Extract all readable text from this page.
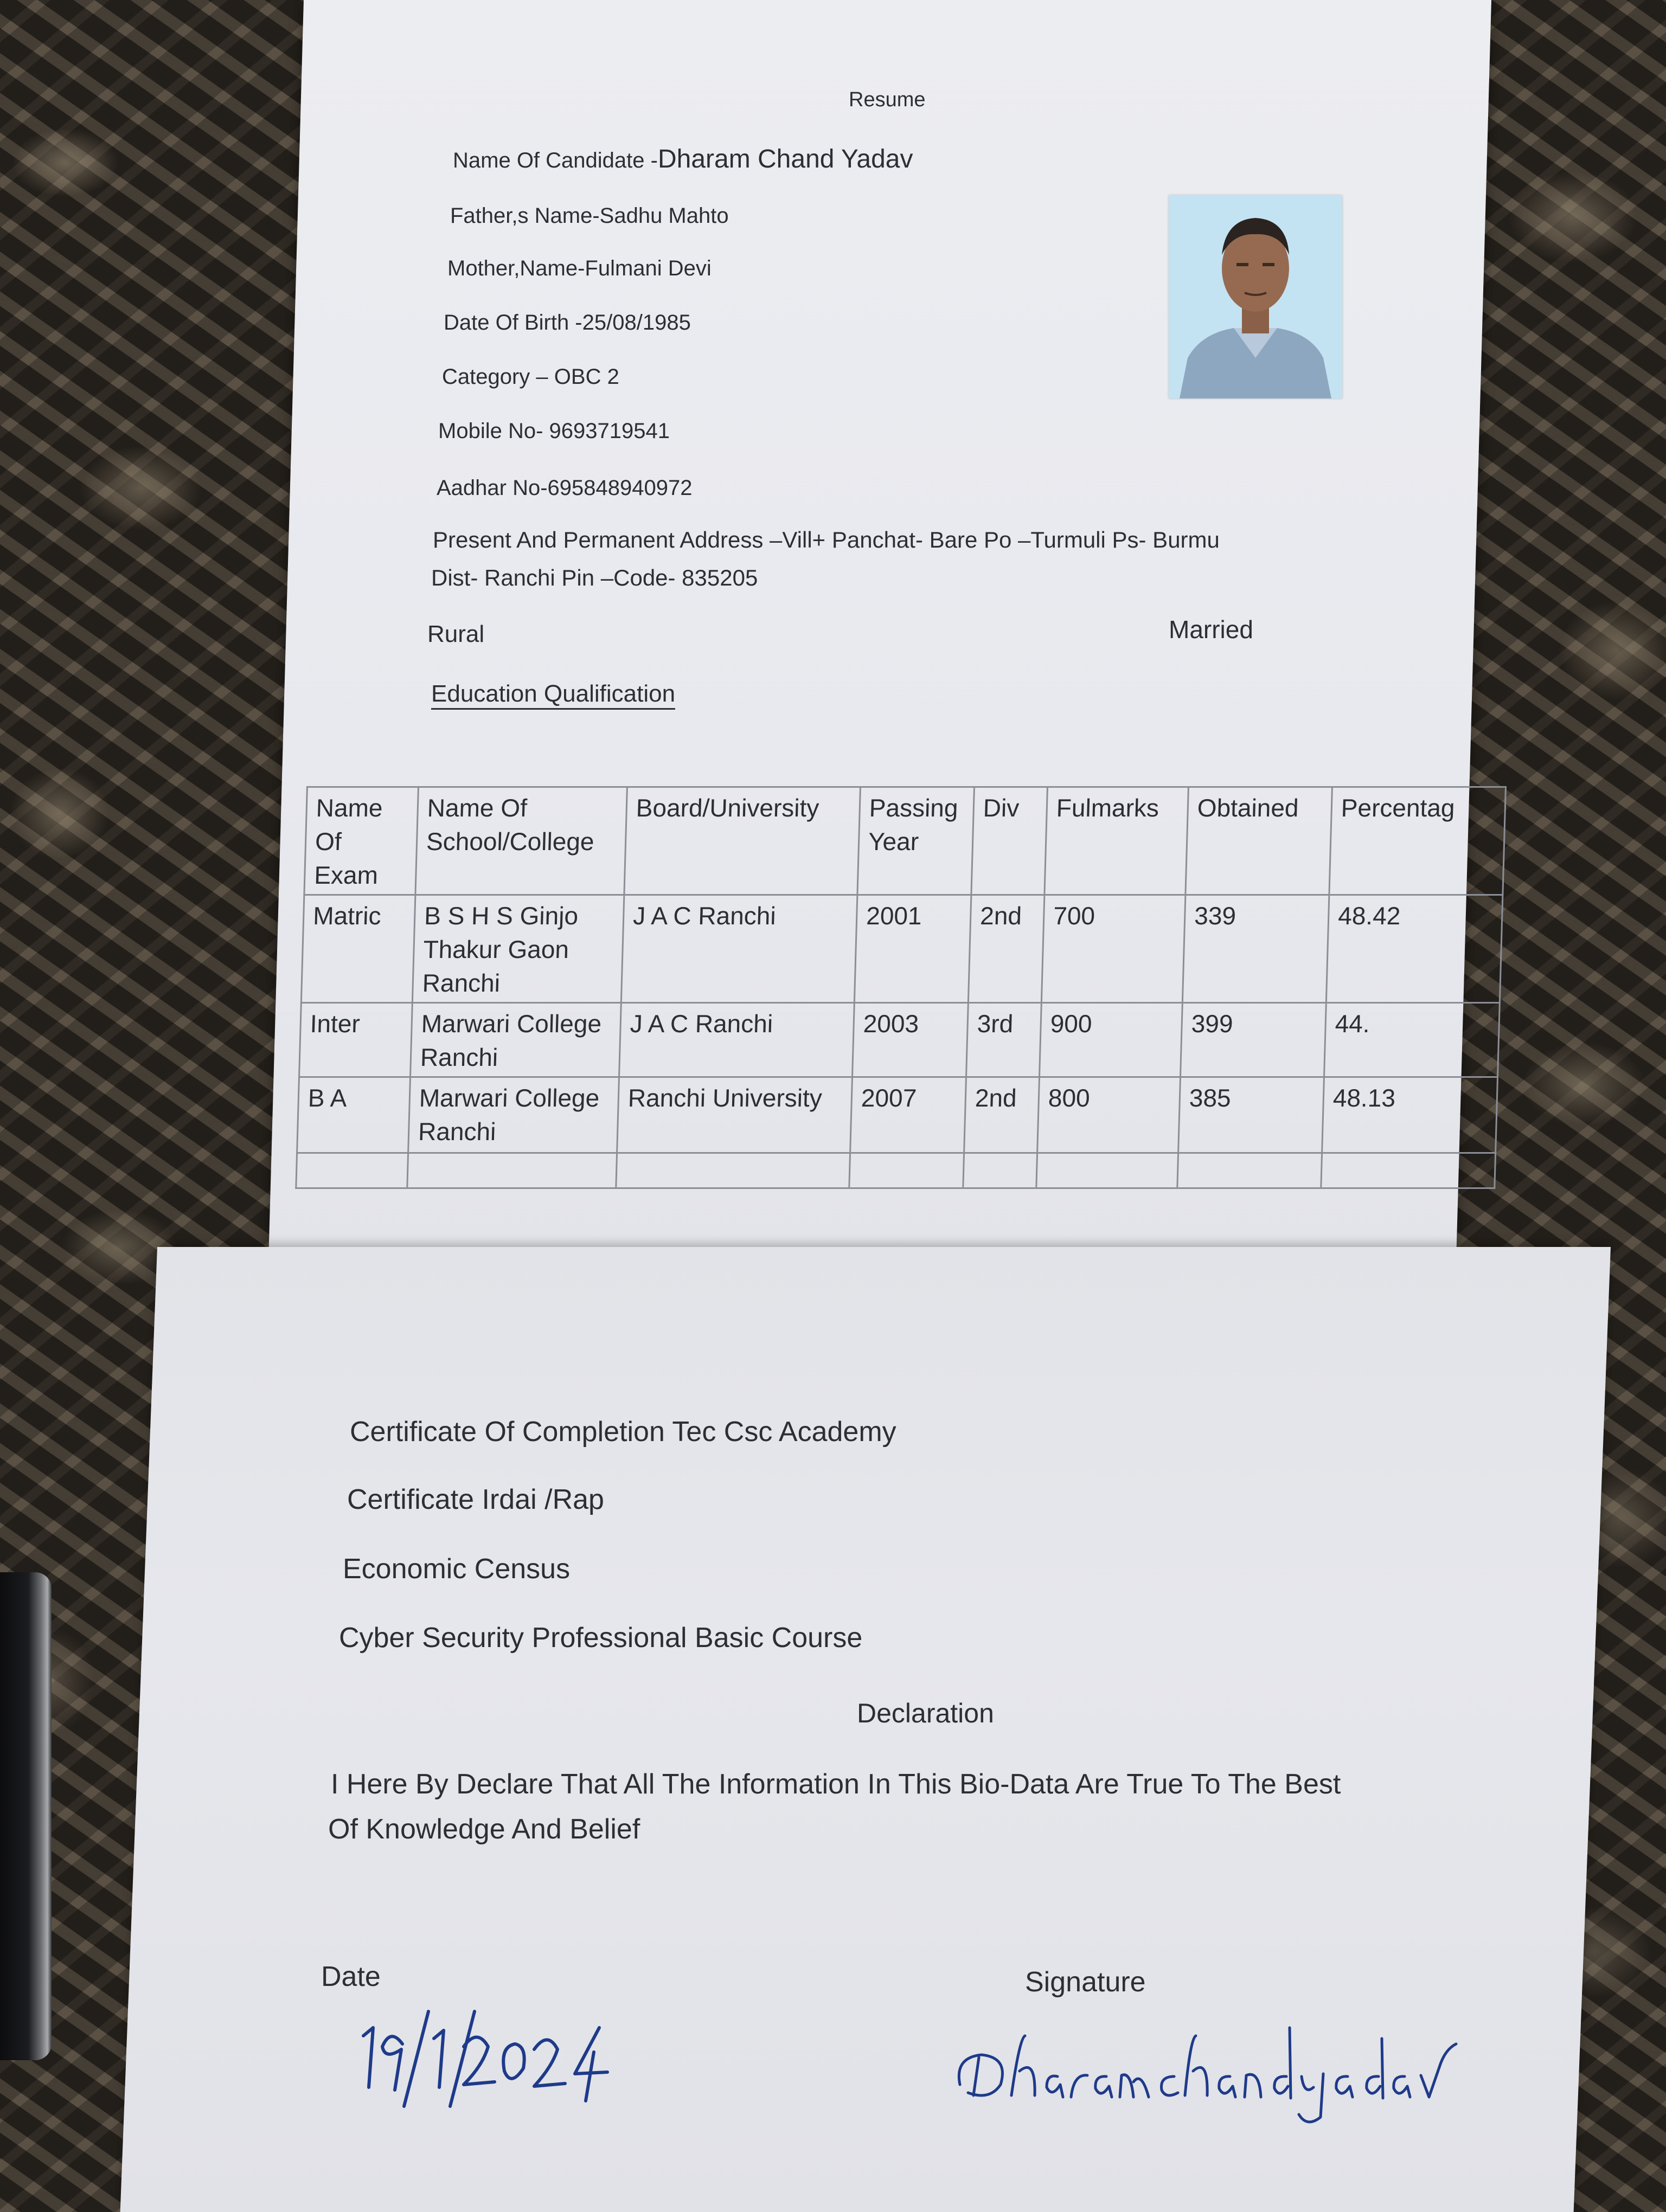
Resume
Name Of Candidate -Dharam Chand Yadav
Father,s Name-Sadhu Mahto
Mother,Name-Fulmani Devi
Date Of Birth -25/08/1985
Category – OBC 2
Mobile No- 9693719541
Aadhar No-695848940972
Present And Permanent Address –Vill+ Panchat- Bare Po –Turmuli Ps- Burmu
Dist- Ranchi Pin –Code- 835205
Rural	Married
Education Qualification
Name Of Exam	Name Of School/College	Board/University	Passing Year	Div	Fulmarks	Obtained	Percentag
Matric	B S H S Ginjo Thakur Gaon Ranchi	J A C Ranchi	2001	2nd	700	339	48.42
Inter	Marwari College Ranchi	J A C Ranchi	2003	3rd	900	399	44.
B A	Marwari College Ranchi	Ranchi University	2007	2nd	800	385	48.13

Certificate Of Completion Tec Csc Academy
Certificate Irdai /Rap
Economic Census
Cyber Security Professional Basic Course
Declaration
I Here By Declare That All The Information In This Bio-Data Are True To The Best
Of Knowledge And Belief
Date	Signature
